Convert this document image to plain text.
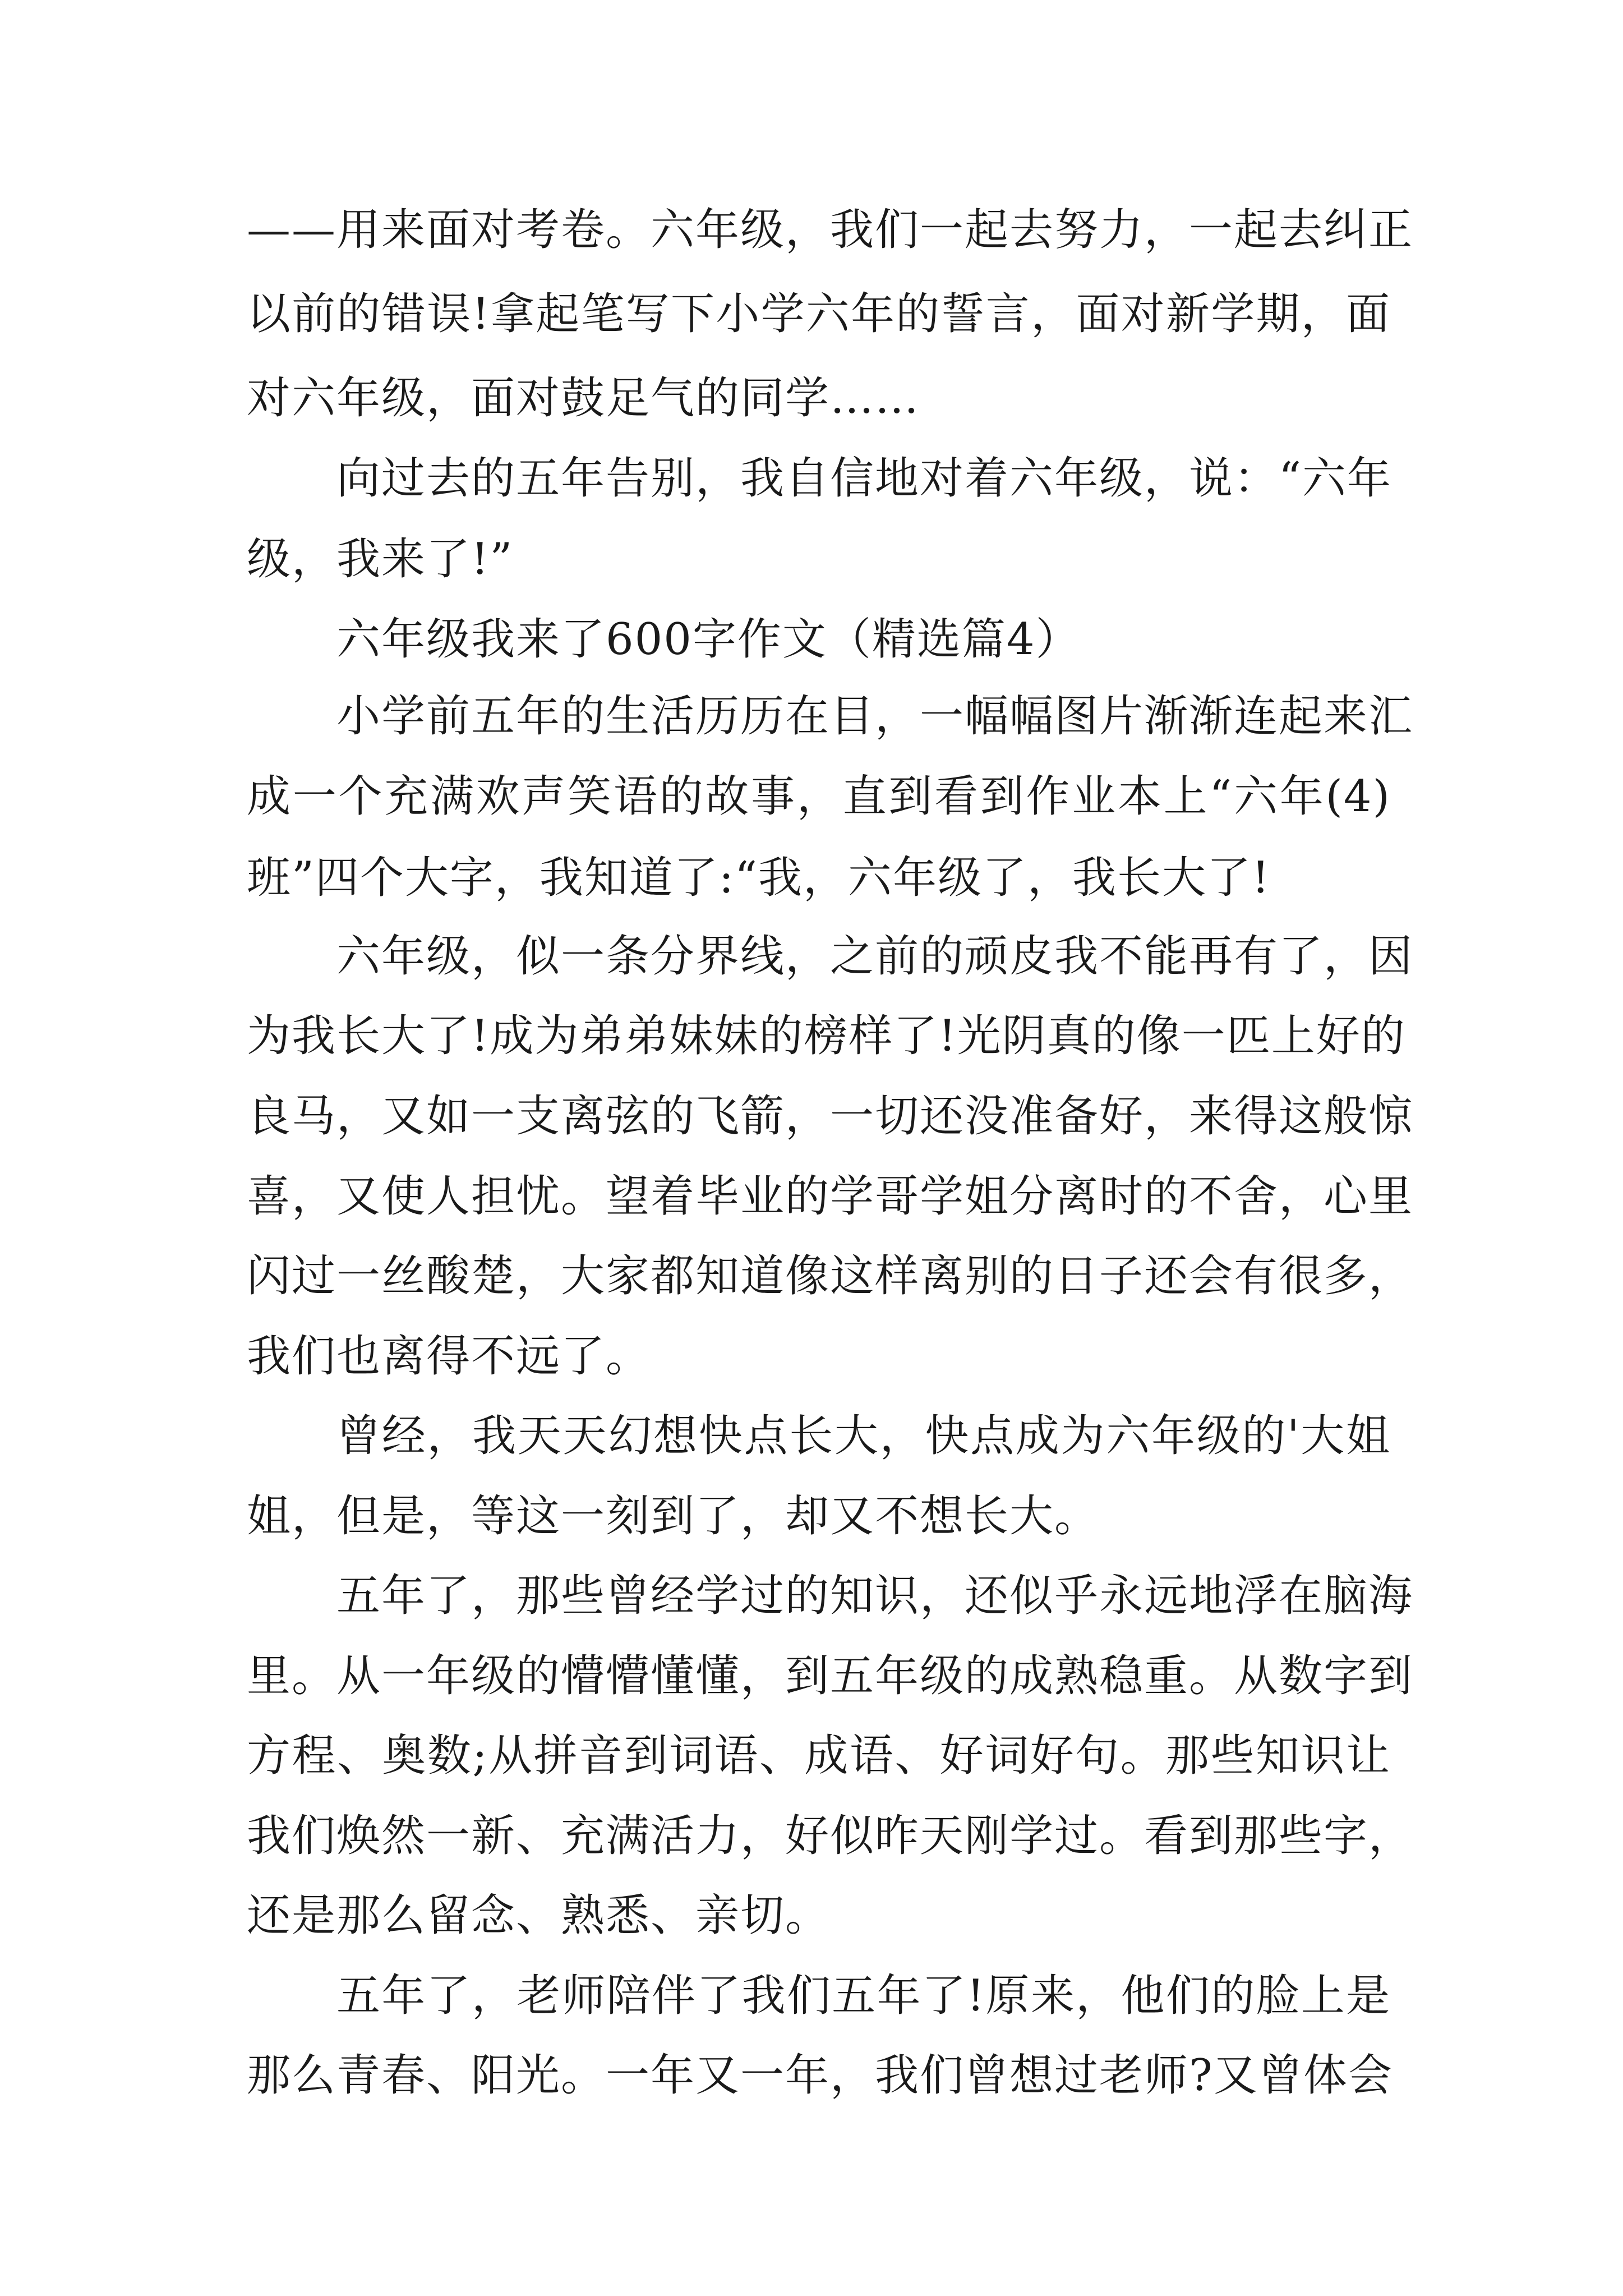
——用来面对考卷。六年级，我们一起去努力，一起去纠正
以前的错误!拿起笔写下小学六年的誓言，面对新学期，面
对六年级，面对鼓足气的同学……
向过去的五年告别，我自信地对着六年级，说：“六年
级，我来了!”
六年级我来了600字作文（精选篇4）
小学前五年的生活历历在目，一幅幅图片渐渐连起来汇
成一个充满欢声笑语的故事，直到看到作业本上“六年(4)
班”四个大字，我知道了:“我，六年级了，我长大了!
六年级，似一条分界线，之前的顽皮我不能再有了，因
为我长大了!成为弟弟妹妹的榜样了!光阴真的像一匹上好的
良马，又如一支离弦的飞箭，一切还没准备好，来得这般惊
喜，又使人担忧。望着毕业的学哥学姐分离时的不舍，心里
闪过一丝酸楚，大家都知道像这样离别的日子还会有很多，
我们也离得不远了。
曾经，我天天幻想快点长大，快点成为六年级的'大姐
姐，但是，等这一刻到了，却又不想长大。
五年了，那些曾经学过的知识，还似乎永远地浮在脑海
里。从一年级的懵懵懂懂，到五年级的成熟稳重。从数字到
方程、奥数;从拼音到词语、成语、好词好句。那些知识让
我们焕然一新、充满活力，好似昨天刚学过。看到那些字，
还是那么留念、熟悉、亲切。
五年了，老师陪伴了我们五年了!原来，他们的脸上是
那么青春、阳光。一年又一年，我们曾想过老师?又曾体会
